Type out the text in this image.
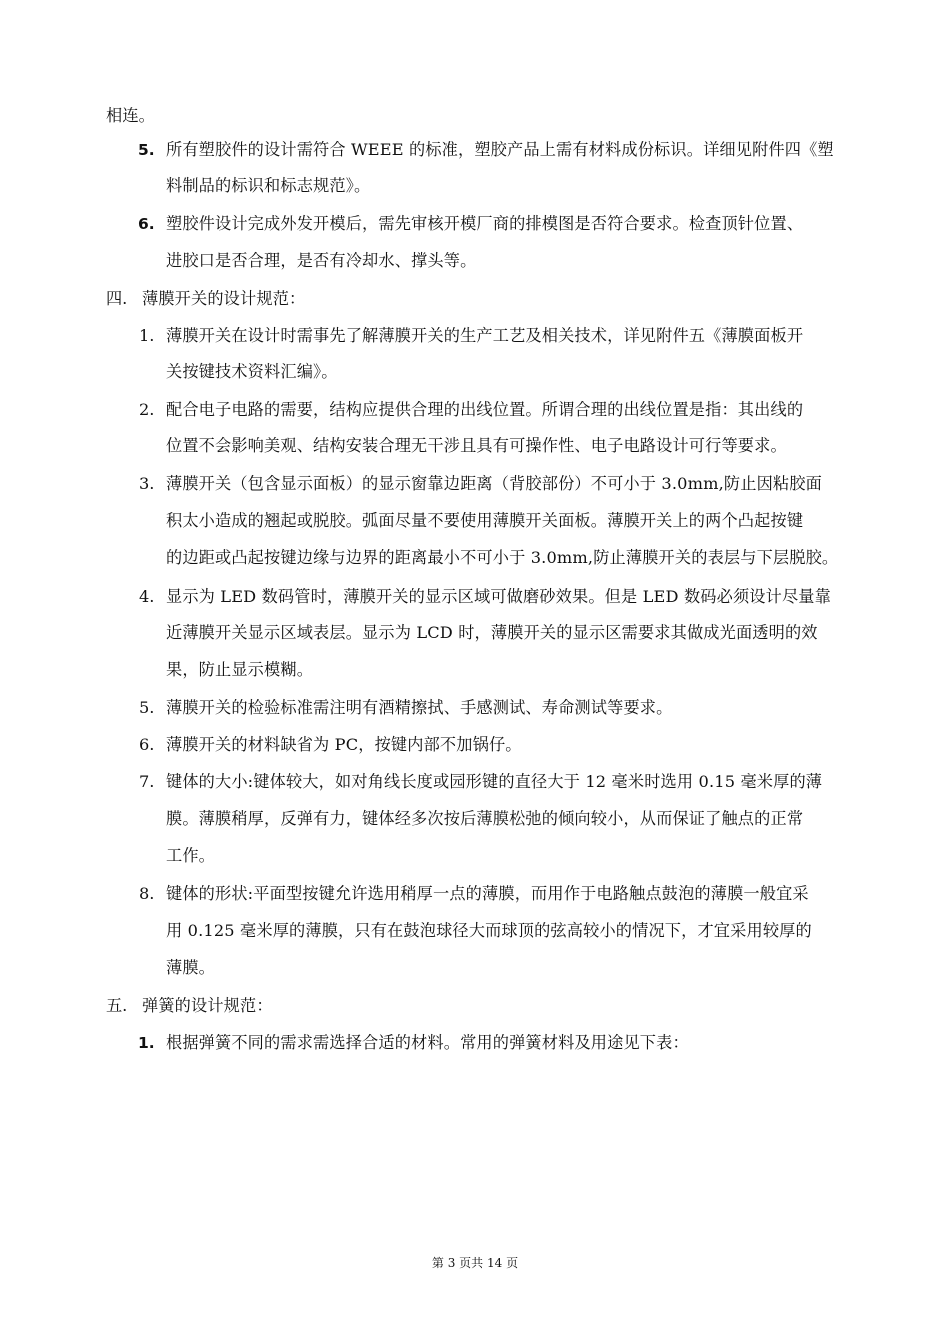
相连。
5. 所有塑胶件的设计需符合 WEEE 的标准，塑胶产品上需有材料成份标识。详细见附件四《塑
料制品的标识和标志规范》。
6. 塑胶件设计完成外发开模后，需先审核开模厂商的排模图是否符合要求。检查顶针位置、
进胶口是否合理，是否有冷却水、撑头等。
四. 薄膜开关的设计规范：
1. 薄膜开关在设计时需事先了解薄膜开关的生产工艺及相关技术，详见附件五《薄膜面板开
关按键技术资料汇编》。
2. 配合电子电路的需要，结构应提供合理的出线位置。所谓合理的出线位置是指：其出线的
位置不会影响美观、结构安装合理无干涉且具有可操作性、电子电路设计可行等要求。
3. 薄膜开关（包含显示面板）的显示窗靠边距离（背胶部份）不可小于 3.0mm,防止因粘胶面
积太小造成的翘起或脱胶。弧面尽量不要使用薄膜开关面板。薄膜开关上的两个凸起按键
的边距或凸起按键边缘与边界的距离最小不可小于 3.0mm,防止薄膜开关的表层与下层脱胶。
4. 显示为 LED 数码管时，薄膜开关的显示区域可做磨砂效果。但是 LED 数码必须设计尽量靠
近薄膜开关显示区域表层。显示为 LCD 时，薄膜开关的显示区需要求其做成光面透明的效
果，防止显示模糊。
5. 薄膜开关的检验标准需注明有酒精擦拭、手感测试、寿命测试等要求。
6. 薄膜开关的材料缺省为 PC，按键内部不加锅仔。
7. 键体的大小:键体较大，如对角线长度或园形键的直径大于 12 毫米时选用 0.15 毫米厚的薄
膜。薄膜稍厚，反弹有力，键体经多次按后薄膜松弛的倾向较小，从而保证了触点的正常
工作。
8. 键体的形状:平面型按键允许选用稍厚一点的薄膜，而用作于电路触点鼓泡的薄膜一般宜采
用 0.125 毫米厚的薄膜，只有在鼓泡球径大而球顶的弦高较小的情况下，才宜采用较厚的
薄膜。
五. 弹簧的设计规范：
1. 根据弹簧不同的需求需选择合适的材料。常用的弹簧材料及用途见下表：
第 3 页共 14 页
